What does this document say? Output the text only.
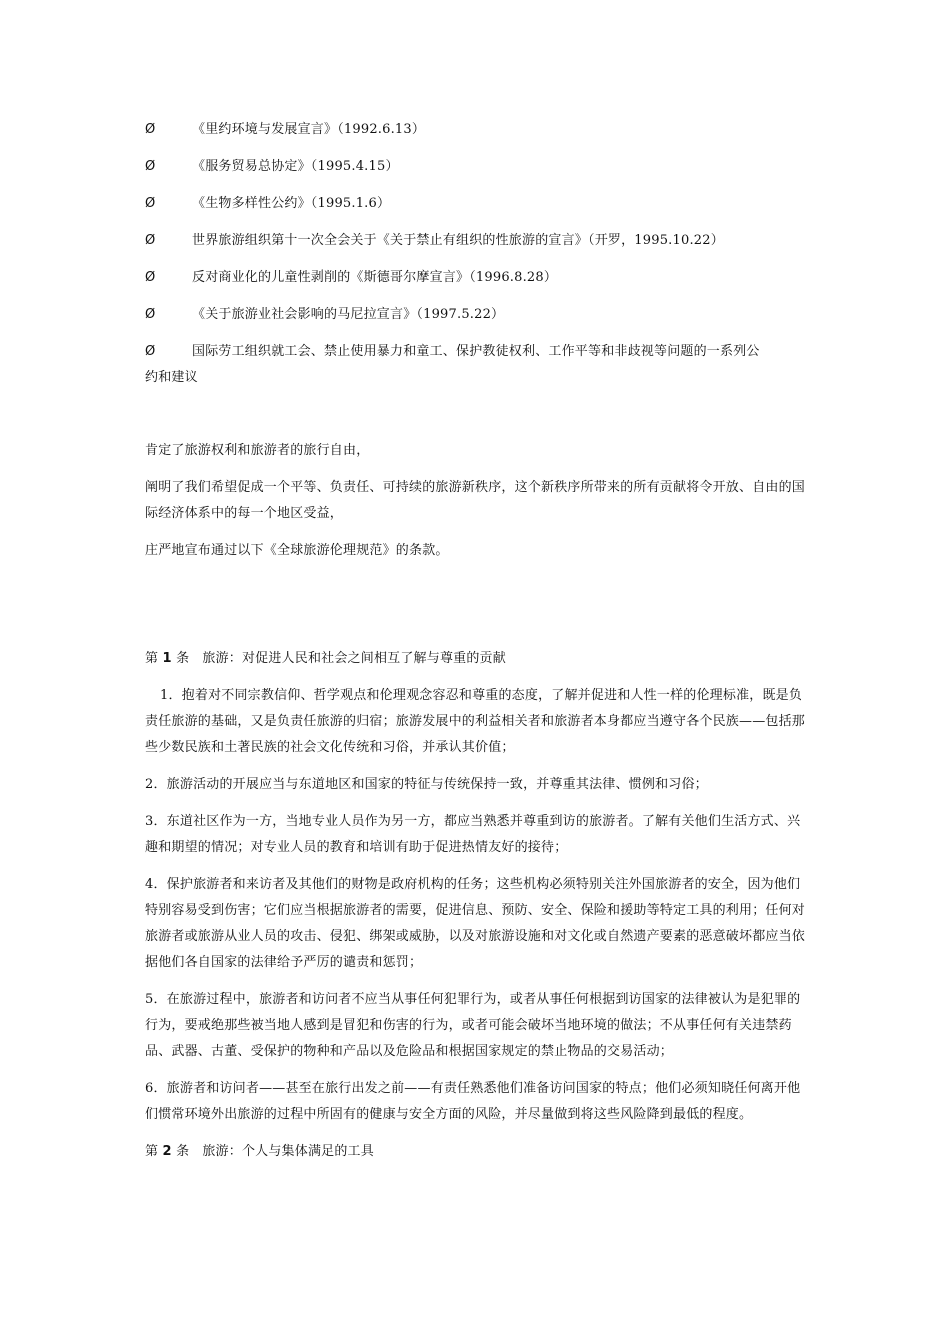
Ø	《里约环境与发展宣言》（1992.6.13）
Ø	《服务贸易总协定》（1995.4.15）
Ø	《生物多样性公约》（1995.1.6）
Ø	世界旅游组织第十一次全会关于《关于禁止有组织的性旅游的宣言》（开罗，1995.10.22）
Ø	反对商业化的儿童性剥削的《斯德哥尔摩宣言》（1996.8.28）
Ø	《关于旅游业社会影响的马尼拉宣言》（1997.5.22）
Ø	国际劳工组织就工会、禁止使用暴力和童工、保护教徒权利、工作平等和非歧视等问题的一系列公
约和建议
肯定了旅游权利和旅游者的旅行自由，
阐明了我们希望促成一个平等、负责任、可持续的旅游新秩序，这个新秩序所带来的所有贡献将令开放、自由的国际经济体系中的每一个地区受益，
庄严地宣布通过以下《全球旅游伦理规范》的条款。
第 1 条 旅游：对促进人民和社会之间相互了解与尊重的贡献
1．抱着对不同宗教信仰、哲学观点和伦理观念容忍和尊重的态度，了解并促进和人性一样的伦理标准，既是负责任旅游的基础，又是负责任旅游的归宿；旅游发展中的利益相关者和旅游者本身都应当遵守各个民族——包括那些少数民族和土著民族的社会文化传统和习俗，并承认其价值；
2．旅游活动的开展应当与东道地区和国家的特征与传统保持一致，并尊重其法律、惯例和习俗；
3．东道社区作为一方，当地专业人员作为另一方，都应当熟悉并尊重到访的旅游者。了解有关他们生活方式、兴趣和期望的情况；对专业人员的教育和培训有助于促进热情友好的接待；
4．保护旅游者和来访者及其他们的财物是政府机构的任务；这些机构必须特别关注外国旅游者的安全，因为他们特别容易受到伤害；它们应当根据旅游者的需要，促进信息、预防、安全、保险和援助等特定工具的利用；任何对旅游者或旅游从业人员的攻击、侵犯、绑架或威胁，以及对旅游设施和对文化或自然遗产要素的恶意破坏都应当依据他们各自国家的法律给予严厉的谴责和惩罚；
5．在旅游过程中，旅游者和访问者不应当从事任何犯罪行为，或者从事任何根据到访国家的法律被认为是犯罪的行为，要戒绝那些被当地人感到是冒犯和伤害的行为，或者可能会破坏当地环境的做法；不从事任何有关违禁药品、武器、古董、受保护的物种和产品以及危险品和根据国家规定的禁止物品的交易活动；
6．旅游者和访问者——甚至在旅行出发之前——有责任熟悉他们准备访问国家的特点；他们必须知晓任何离开他们惯常环境外出旅游的过程中所固有的健康与安全方面的风险，并尽量做到将这些风险降到最低的程度。
第 2 条 旅游：个人与集体满足的工具
